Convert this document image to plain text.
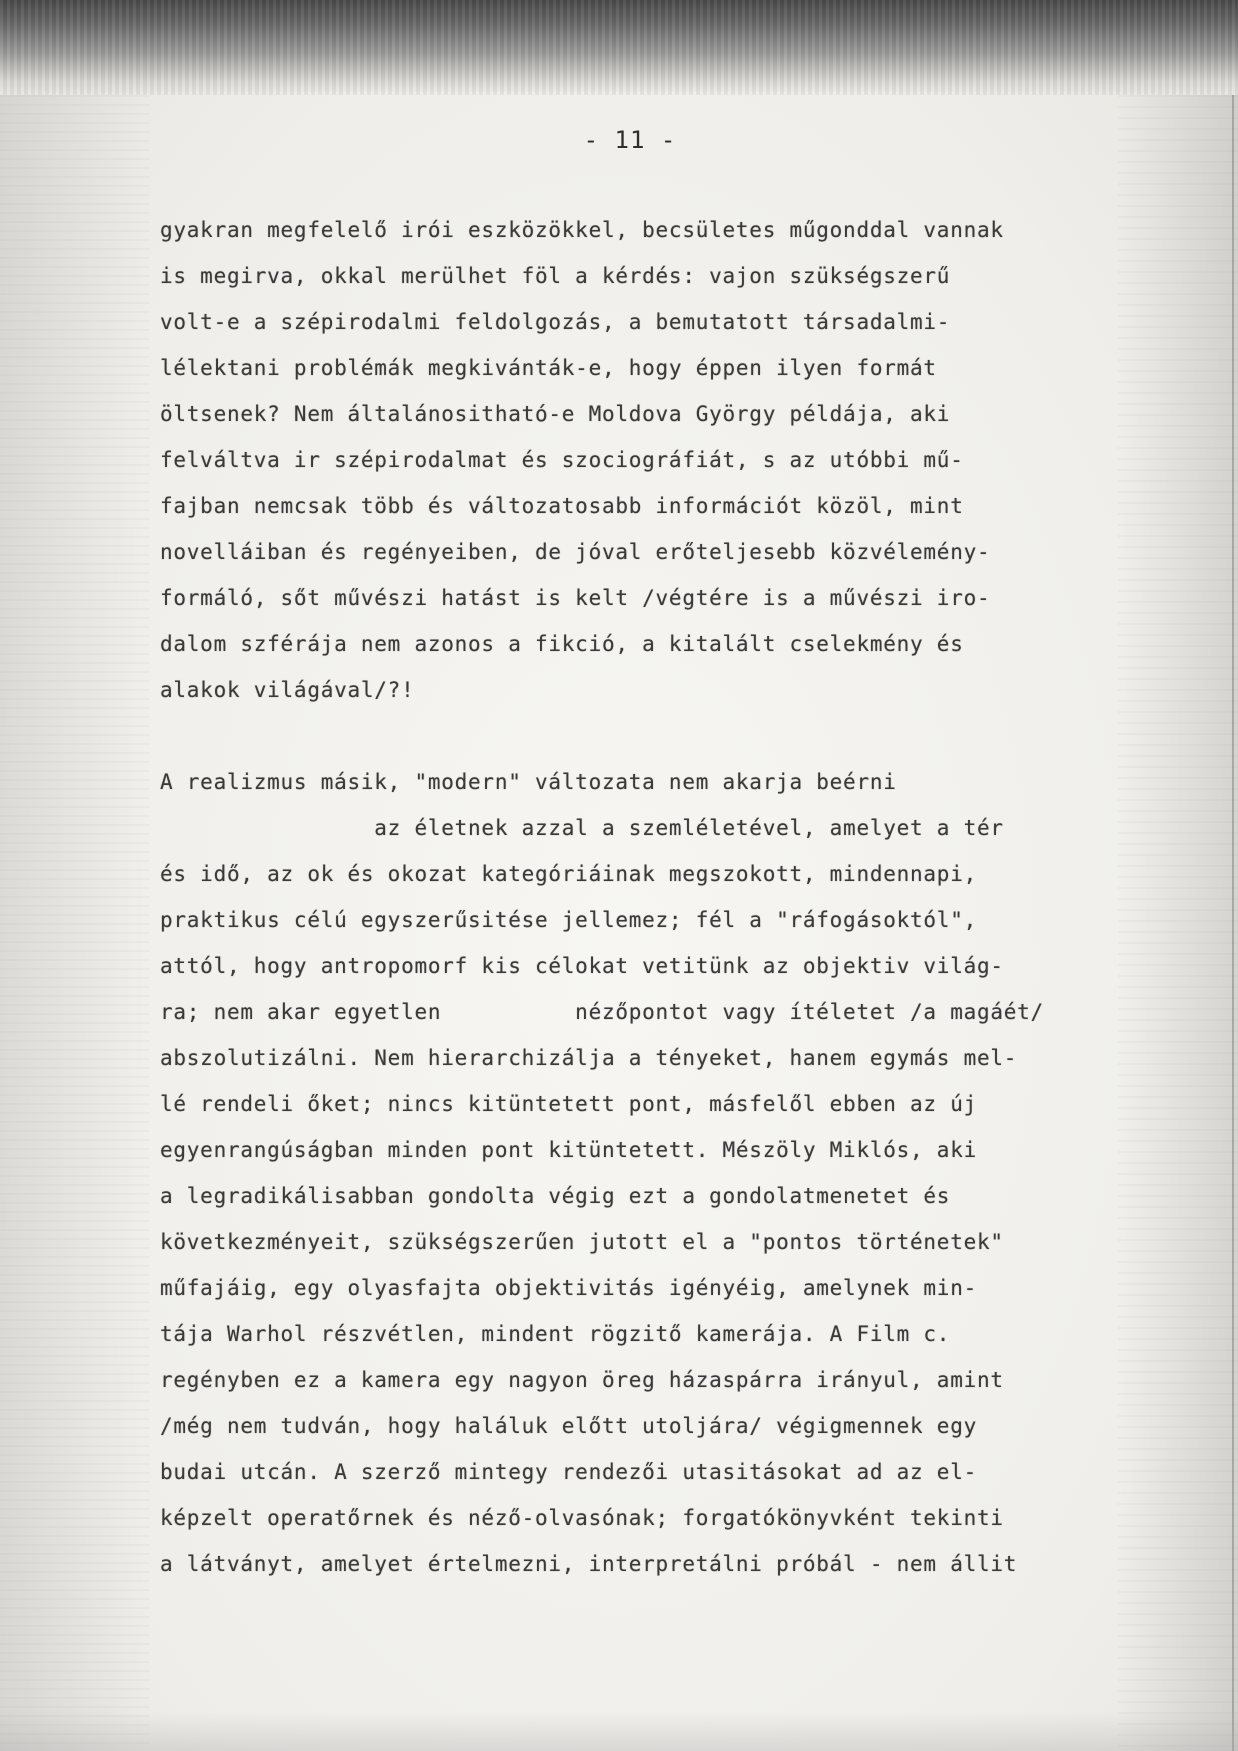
- 11 -
gyakran megfelelő irói eszközökkel, becsületes műgonddal vannak
is megirva, okkal merülhet föl a kérdés: vajon szükségszerű
volt-e a szépirodalmi feldolgozás, a bemutatott társadalmi-
lélektani problémák megkivánták-e, hogy éppen ilyen formát
öltsenek? Nem általánosithatό-e Moldova György példája, aki
felváltva ir szépirodalmat és szociográfiát, s az utóbbi mű-
fajban nemcsak több és változatosabb információt közöl, mint
novelláiban és regényeiben, de jóval erőteljesebb közvélemény-
formáló, sőt művészi hatást is kelt /végtére is a művészi iro-
dalom szférája nem azonos a fikció, a kitalált cselekmény és
alakok világával/?!
A realizmus másik, "modern" változata nem akarja beérni
az életnek azzal a szemléletével, amelyet a tér
és idő, az ok és okozat kategóriáinak megszokott, mindennapi,
praktikus célú egyszerűsitése jellemez; fél a "ráfogásoktól",
attól, hogy antropomorf kis célokat vetitünk az objektiv világ-
ra; nem akar egyetlen          nézőpontot vagy ítéletet /a magáét/
abszolutizálni. Nem hierarchizálja a tényeket, hanem egymás mel-
lé rendeli őket; nincs kitüntetett pont, másfelől ebben az új
egyenrangúságban minden pont kitüntetett. Mészöly Miklós, aki
a legradikálisabban gondolta végig ezt a gondolatmenetet és
következményeit, szükségszerűen jutott el a "pontos történetek"
műfajáig, egy olyasfajta objektivitás igényéig, amelynek min-
tája Warhol részvétlen, mindent rögzitő kamerája. A Film c.
regényben ez a kamera egy nagyon öreg házaspárra irányul, amint
/még nem tudván, hogy haláluk előtt utoljára/ végigmennek egy
budai utcán. A szerző mintegy rendezői utasitásokat ad az el-
képzelt operatőrnek és néző-olvasónak; forgatókönyvként tekinti
a látványt, amelyet értelmezni, interpretálni próbál - nem állit
